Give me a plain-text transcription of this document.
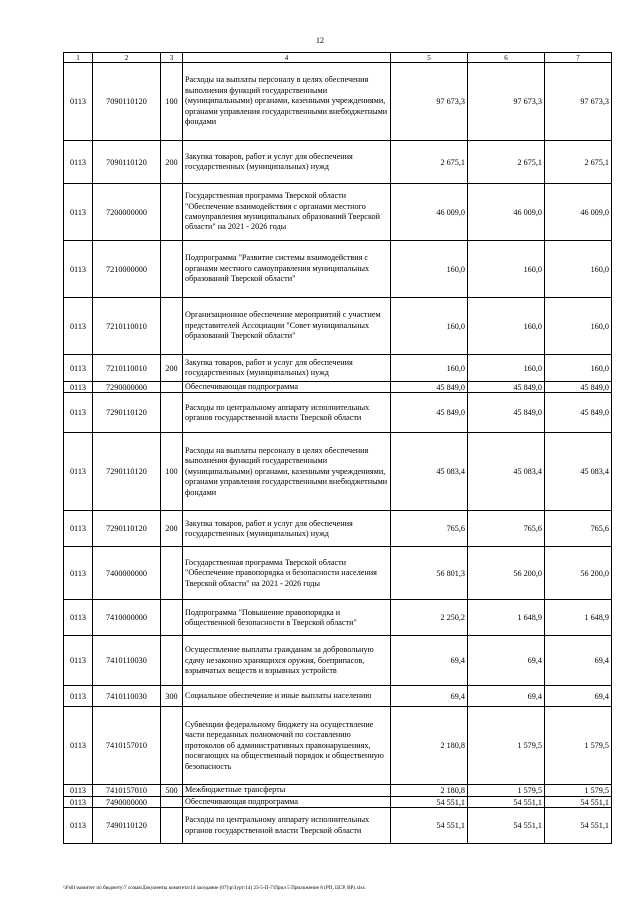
12
1	2	3	4	5	6	7
0113	7090110120	100	Расходы на выплаты персоналу в целях обеспечения выполнения функций государственными (муниципальными) органами, казенными учреждениями, органами управления государственными внебюджетными фондами	97 673,3	97 673,3	97 673,3
0113	7090110120	200	Закупка товаров, работ и услуг для обеспечения государственных (муниципальных) нужд	2 675,1	2 675,1	2 675,1
0113	7200000000		Государственная программа Тверской области "Обеспечение взаимодействия с органами местного самоуправления муниципальных образований Тверской области" на 2021 - 2026 годы	46 009,0	46 009,0	46 009,0
0113	7210000000		Подпрограмма "Развитие системы взаимодействия с органами местного самоуправления муниципальных образований Тверской области"	160,0	160,0	160,0
0113	7210110010		Организационное обеспечение мероприятий с участием представителей Ассоциации "Совет муниципальных образований Тверской области"	160,0	160,0	160,0
0113	7210110010	200	Закупка товаров, работ и услуг для обеспечения государственных (муниципальных) нужд	160,0	160,0	160,0
0113	7290000000		Обеспечивающая подпрограмма	45 849,0	45 849,0	45 849,0
0113	7290110120		Расходы по центральному аппарату исполнительных органов государственной власти Тверской области	45 849,0	45 849,0	45 849,0
0113	7290110120	100	Расходы на выплаты персоналу в целях обеспечения выполнения функций государственными (муниципальными) органами, казенными учреждениями, органами управления государственными внебюджетными фондами	45 083,4	45 083,4	45 083,4
0113	7290110120	200	Закупка товаров, работ и услуг для обеспечения государственных (муниципальных) нужд	765,6	765,6	765,6
0113	7400000000		Государственная программа Тверской области "Обеспечение правопорядка и безопасности населения Тверской области" на 2021 - 2026 годы	56 801,3	56 200,0	56 200,0
0113	7410000000		Подпрограмма "Повышение правопорядка и общественной безопасности в Тверской области"	2 250,2	1 648,9	1 648,9
0113	7410110030		Осуществление выплаты гражданам за добровольную сдачу незаконно хранящихся оружия, боеприпасов, взрывчатых веществ и взрывных устройств	69,4	69,4	69,4
0113	7410110030	300	Социальное обеспечение и иные выплаты населению	69,4	69,4	69,4
0113	7410157010		Субвенции федеральному бюджету на осуществление части переданных полномочий по составлению протоколов об административных правонарушениях, посягающих на общественный порядок и общественную безопасность	2 180,8	1 579,5	1 579,5
0113	7410157010	500	Межбюджетные трансферты	2 180,8	1 579,5	1 579,5
0113	7490000000		Обеспечивающая подпрограмма	54 551,1	54 551,1	54 551,1
0113	7490110120		Расходы по центральному аппарату исполнительных органов государственной власти Тверской области	54 551,1	54 551,1	54 551,1
\\Fs01\комитет по бюджету\7 созыв\Документы комитета\14 заседание (07)\р\Зурт\14) 23-5-П-7\Прил 5 Приложение 8 (РП, ЦСР, ВР).xlsx
